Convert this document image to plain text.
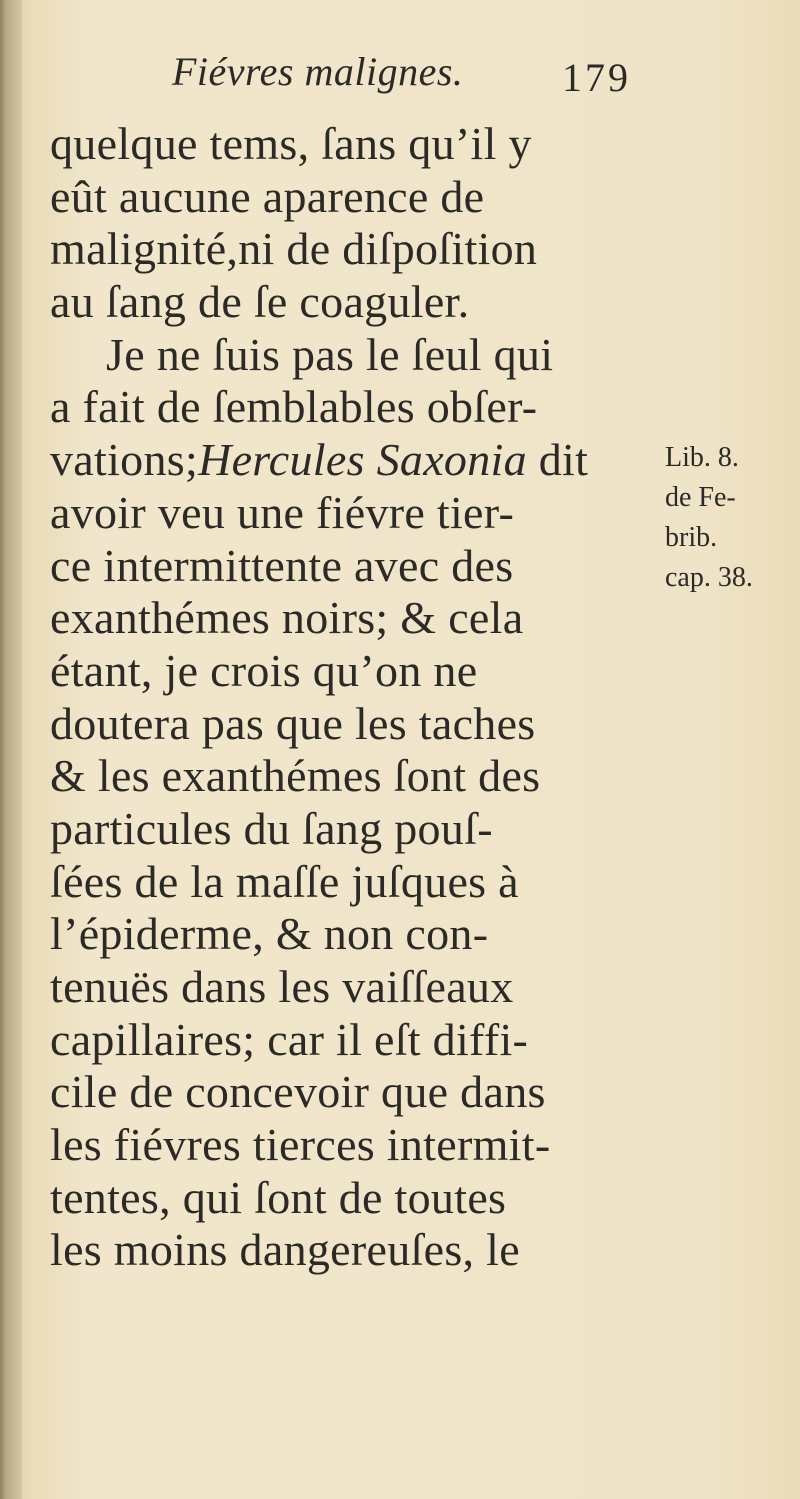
Fiévres malignes. 179
quelque tems, ſans qu’il y
eût aucune aparence de
malignité,ni de diſpoſition
au ſang de ſe coaguler.
Je ne ſuis pas le ſeul qui
a fait de ſemblables obſer-
vations;Hercules Saxonia dit
avoir veu une fiévre tier-
ce intermittente avec des
exanthémes noirs; & cela
étant, je crois qu’on ne
doutera pas que les taches
& les exanthémes ſont des
particules du ſang pouſ-
ſées de la maſſe juſques à
l’épiderme, & non con-
tenuës dans les vaiſſeaux
capillaires; car il eſt diffi-
cile de concevoir que dans
les fiévres tierces intermit-
tentes, qui ſont de toutes
les moins dangereuſes, le
Lib. 8.
de Fe-
brib.
cap. 38.
